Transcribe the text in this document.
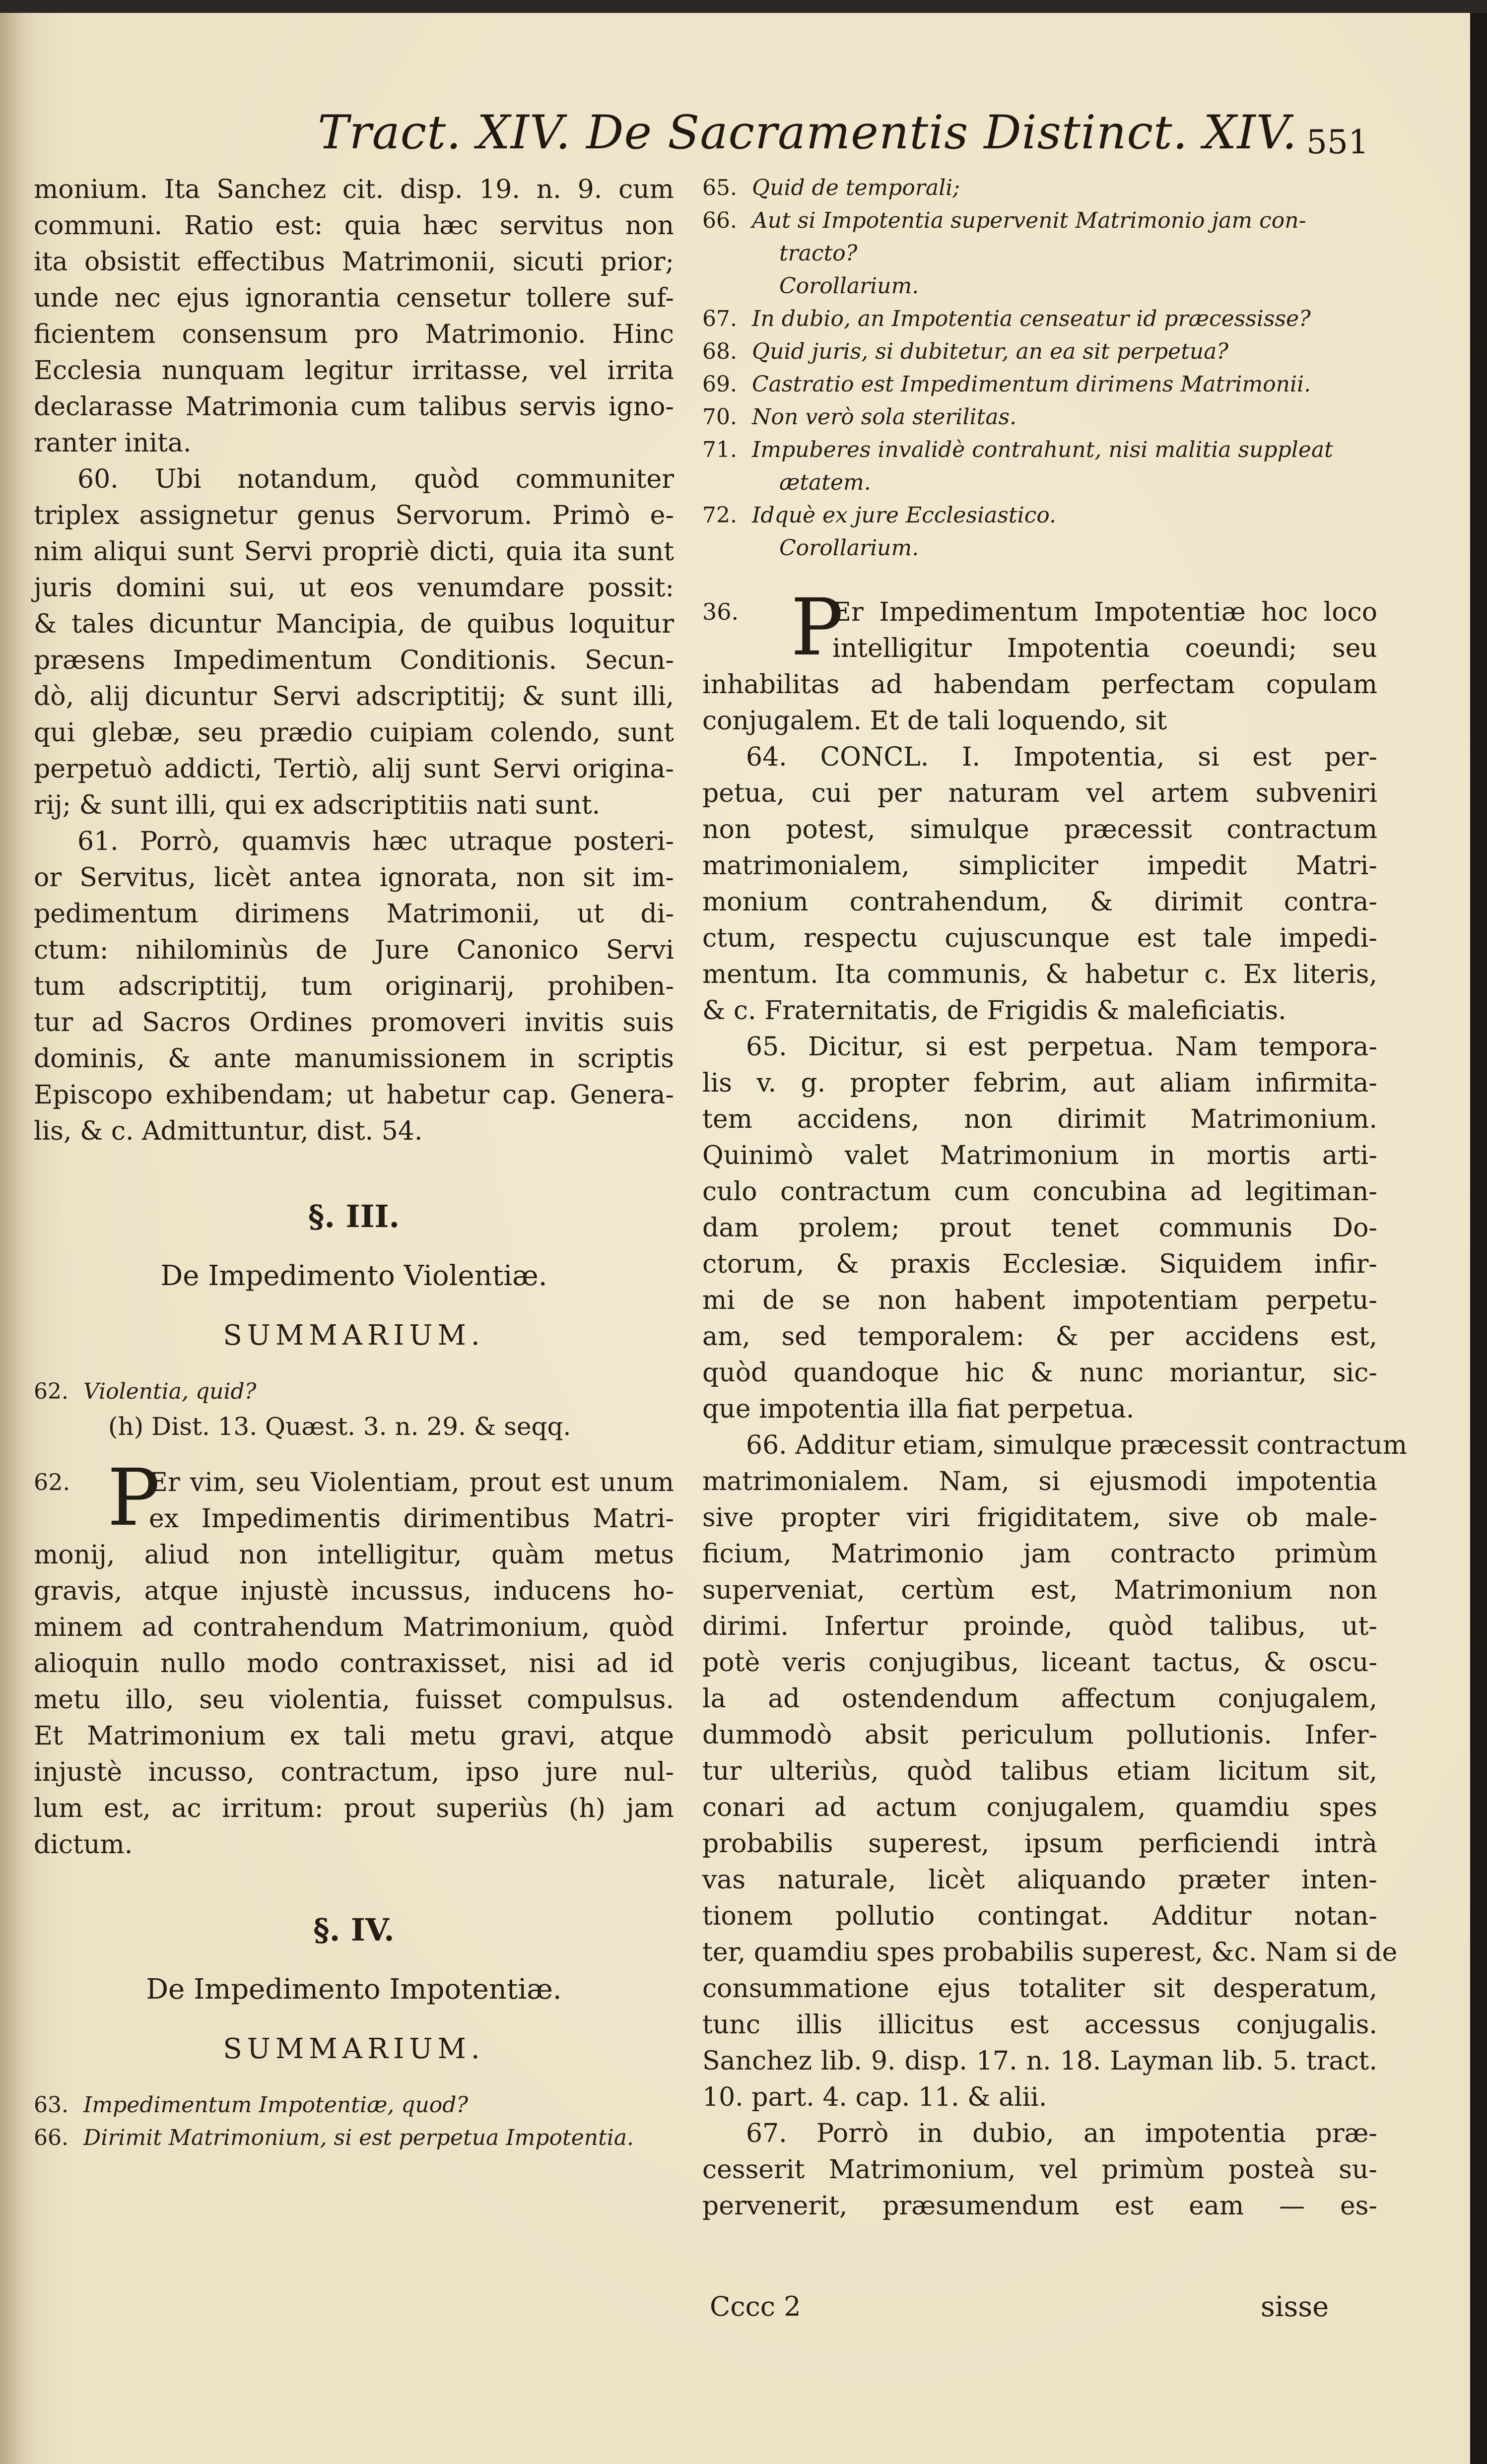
Tract. XIV. De Sacramentis Distinct. XIV. 551
monium. Ita Sanchez cit. disp. 19. n. 9. cum
communi. Ratio est: quia hæc servitus non
ita obsistit effectibus Matrimonii, sicuti prior;
unde nec ejus ignorantia censetur tollere suf-
ficientem consensum pro Matrimonio. Hinc
Ecclesia nunquam legitur irritasse, vel irrita
declarasse Matrimonia cum talibus servis igno-
ranter inita.
60. Ubi notandum, quòd communiter
triplex assignetur genus Servorum. Primò e-
nim aliqui sunt Servi propriè dicti, quia ita sunt
juris domini sui, ut eos venumdare possit:
& tales dicuntur Mancipia, de quibus loquitur
præsens Impedimentum Conditionis. Secun-
dò, alij dicuntur Servi adscriptitij; & sunt illi,
qui glebæ, seu prædio cuipiam colendo, sunt
perpetuò addicti, Tertiò, alij sunt Servi origina-
rij; & sunt illi, qui ex adscriptitiis nati sunt.
61. Porrò, quamvis hæc utraque posteri-
or Servitus, licèt antea ignorata, non sit im-
pedimentum dirimens Matrimonii, ut di-
ctum: nihilominùs de Jure Canonico Servi
tum adscriptitij, tum originarij, prohiben-
tur ad Sacros Ordines promoveri invitis suis
dominis, & ante manumissionem in scriptis
Episcopo exhibendam; ut habetur cap. Genera-
lis, & c. Admittuntur, dist. 54.
§. III.
De Impedimento Violentiæ.
SUMMARIUM.
62. Violentia, quid?
(h) Dist. 13. Quæst. 3. n. 29. & seqq.
62. P
Er vim, seu Violentiam, prout est unum
ex Impedimentis dirimentibus Matri-
monij, aliud non intelligitur, quàm metus
gravis, atque injustè incussus, inducens ho-
minem ad contrahendum Matrimonium, quòd
alioquin nullo modo contraxisset, nisi ad id
metu illo, seu violentia, fuisset compulsus.
Et Matrimonium ex tali metu gravi, atque
injustè incusso, contractum, ipso jure nul-
lum est, ac irritum: prout superiùs (h) jam
dictum.
§. IV.
De Impedimento Impotentiæ.
SUMMARIUM.
63. Impedimentum Impotentiæ, quod?
66. Dirimit Matrimonium, si est perpetua Impotentia.
65. Quid de temporali;
66. Aut si Impotentia supervenit Matrimonio jam con-
tracto?
Corollarium.
67. In dubio, an Impotentia censeatur id præcessisse?
68. Quid juris, si dubitetur, an ea sit perpetua?
69. Castratio est Impedimentum dirimens Matrimonii.
70. Non verò sola sterilitas.
71. Impuberes invalidè contrahunt, nisi malitia suppleat
ætatem.
72. Idquè ex jure Ecclesiastico.
Corollarium.
36. P
Er Impedimentum Impotentiæ hoc loco
intelligitur Impotentia coeundi; seu
inhabilitas ad habendam perfectam copulam
conjugalem. Et de tali loquendo, sit
64. CONCL. I. Impotentia, si est per-
petua, cui per naturam vel artem subveniri
non potest, simulque præcessit contractum
matrimonialem, simpliciter impedit Matri-
monium contrahendum, & dirimit contra-
ctum, respectu cujuscunque est tale impedi-
mentum. Ita communis, & habetur c. Ex literis,
& c. Fraternitatis, de Frigidis & maleficiatis.
65. Dicitur, si est perpetua. Nam tempora-
lis v. g. propter febrim, aut aliam infirmita-
tem accidens, non dirimit Matrimonium.
Quinimò valet Matrimonium in mortis arti-
culo contractum cum concubina ad legitiman-
dam prolem; prout tenet communis Do-
ctorum, & praxis Ecclesiæ. Siquidem infir-
mi de se non habent impotentiam perpetu-
am, sed temporalem: & per accidens est,
quòd quandoque hic & nunc moriantur, sic-
que impotentia illa fiat perpetua.
66. Additur etiam, simulque præcessit contractum
matrimonialem. Nam, si ejusmodi impotentia
sive propter viri frigiditatem, sive ob male-
ficium, Matrimonio jam contracto primùm
superveniat, certùm est, Matrimonium non
dirimi. Infertur proinde, quòd talibus, ut-
potè veris conjugibus, liceant tactus, & oscu-
la ad ostendendum affectum conjugalem,
dummodò absit periculum pollutionis. Infer-
tur ulteriùs, quòd talibus etiam licitum sit,
conari ad actum conjugalem, quamdiu spes
probabilis superest, ipsum perficiendi intrà
vas naturale, licèt aliquando præter inten-
tionem pollutio contingat. Additur notan-
ter, quamdiu spes probabilis superest, &c. Nam si de
consummatione ejus totaliter sit desperatum,
tunc illis illicitus est accessus conjugalis.
Sanchez lib. 9. disp. 17. n. 18. Layman lib. 5. tract.
10. part. 4. cap. 11. & alii.
67. Porrò in dubio, an impotentia præ-
cesserit Matrimonium, vel primùm posteà su-
pervenerit, præsumendum est eam — es-
Cccc 2	sisse
